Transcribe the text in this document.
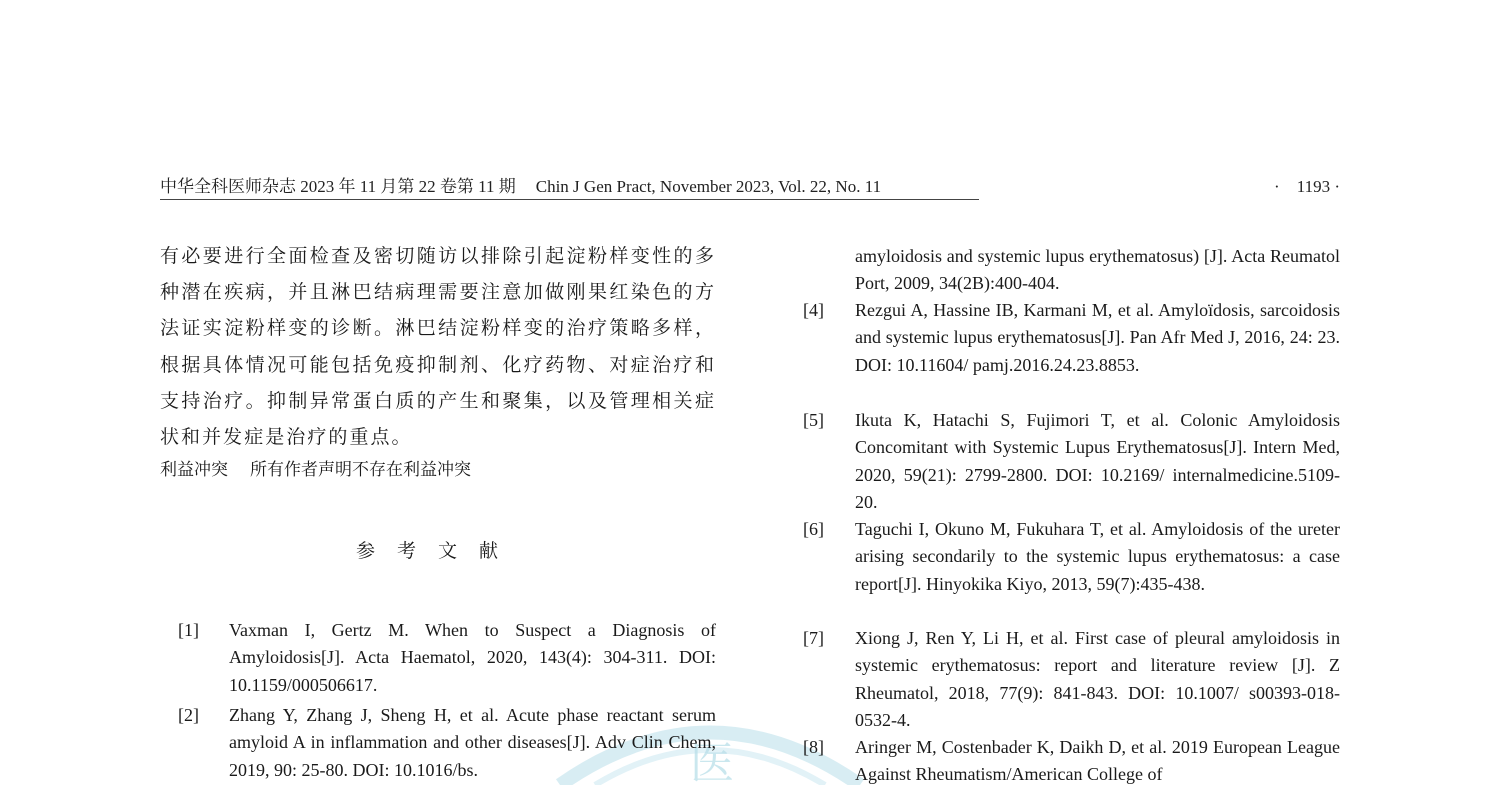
医
中华全科医师杂志 2023 年 11 月第 22 卷第 11 期 Chin J Gen Pract, November 2023, Vol. 22, No. 11	·　1193 ·

有必要进行全面检查及密切随访以排除引起淀粉样变性的多种潜在疾病，并且淋巴结病理需要注意加做刚果红染色的方法证实淀粉样变的诊断。淋巴结淀粉样变的治疗策略多样，根据具体情况可能包括免疫抑制剂、化疗药物、对症治疗和支持治疗。抑制异常蛋白质的产生和聚集，以及管理相关症状和并发症是治疗的重点。

利益冲突 所有作者声明不存在利益冲突
参考文献
[1] Vaxman I, Gertz M. When to Suspect a Diagnosis of Amyloidosis[J]. Acta Haematol, 2020, 143(4): 304-311. DOI: 10.1159/000506617.
[2] Zhang Y, Zhang J, Sheng H, et al. Acute phase reactant serum amyloid A in inflammation and other diseases[J]. Adv Clin Chem, 2019, 90: 25-80. DOI: 10.1016/bs.
amyloidosis and systemic lupus erythematosus) [J]. Acta Reumatol Port, 2009, 34(2B):400-404.
[4] Rezgui A, Hassine IB, Karmani M, et al. Amyloïdosis, sarcoidosis and systemic lupus erythematosus[J]. Pan Afr Med J, 2016, 24: 23. DOI: 10.11604/ pamj.2016.24.23.8853.
[5] Ikuta K, Hatachi S, Fujimori T, et al. Colonic Amyloidosis Concomitant with Systemic Lupus Erythematosus[J]. Intern Med, 2020, 59(21): 2799-2800. DOI: 10.2169/ internalmedicine.5109-20.
[6] Taguchi I, Okuno M, Fukuhara T, et al. Amyloidosis of the ureter arising secondarily to the systemic lupus erythematosus: a case report[J]. Hinyokika Kiyo, 2013, 59(7):435-438.
[7] Xiong J, Ren Y, Li H, et al. First case of pleural amyloidosis in systemic erythematosus: report and literature review [J]. Z Rheumatol, 2018, 77(9): 841-843. DOI: 10.1007/ s00393-018-0532-4.
[8] Aringer M, Costenbader K, Daikh D, et al. 2019 European League Against Rheumatism/American College of
